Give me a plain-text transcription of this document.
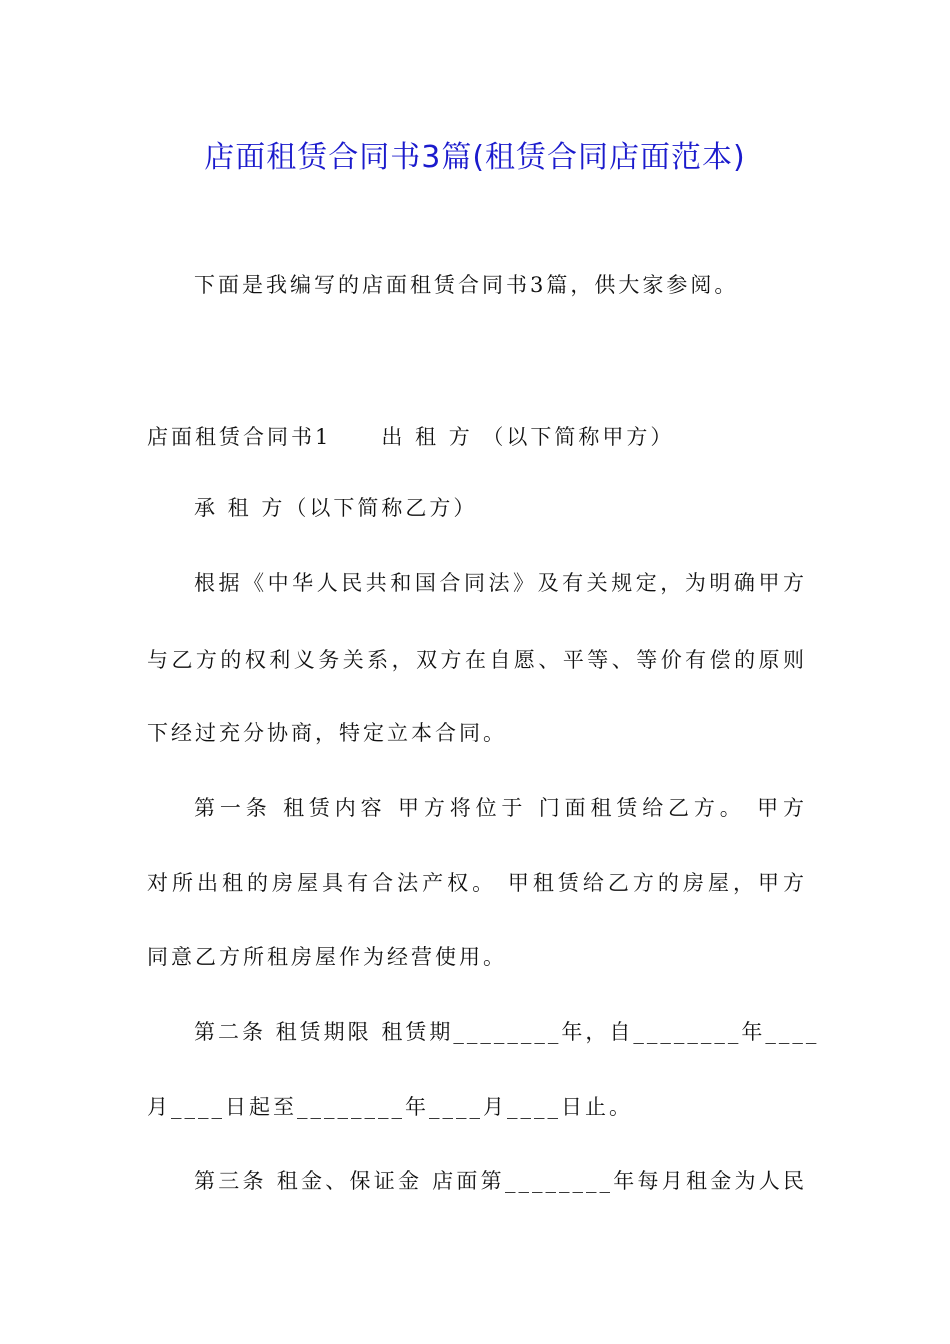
店面租赁合同书3篇(租赁合同店面范本)
下面是我编写的店面租赁合同书3篇，供大家参阅。
店面租赁合同书1 出 租 方 （以下简称甲方）
承 租 方（以下简称乙方）
根据《中华人民共和国合同法》及有关规定，为明确甲方
与乙方的权利义务关系，双方在自愿、平等、等价有偿的原则
下经过充分协商，特定立本合同。
第一条 租赁内容 甲方将位于 门面租赁给乙方。 甲方
对所出租的房屋具有合法产权。 甲租赁给乙方的房屋，甲方
同意乙方所租房屋作为经营使用。
第二条 租赁期限 租赁期________年，自________年____
月____日起至________年____月____日止。
第三条 租金、保证金 店面第________年每月租金为人民
